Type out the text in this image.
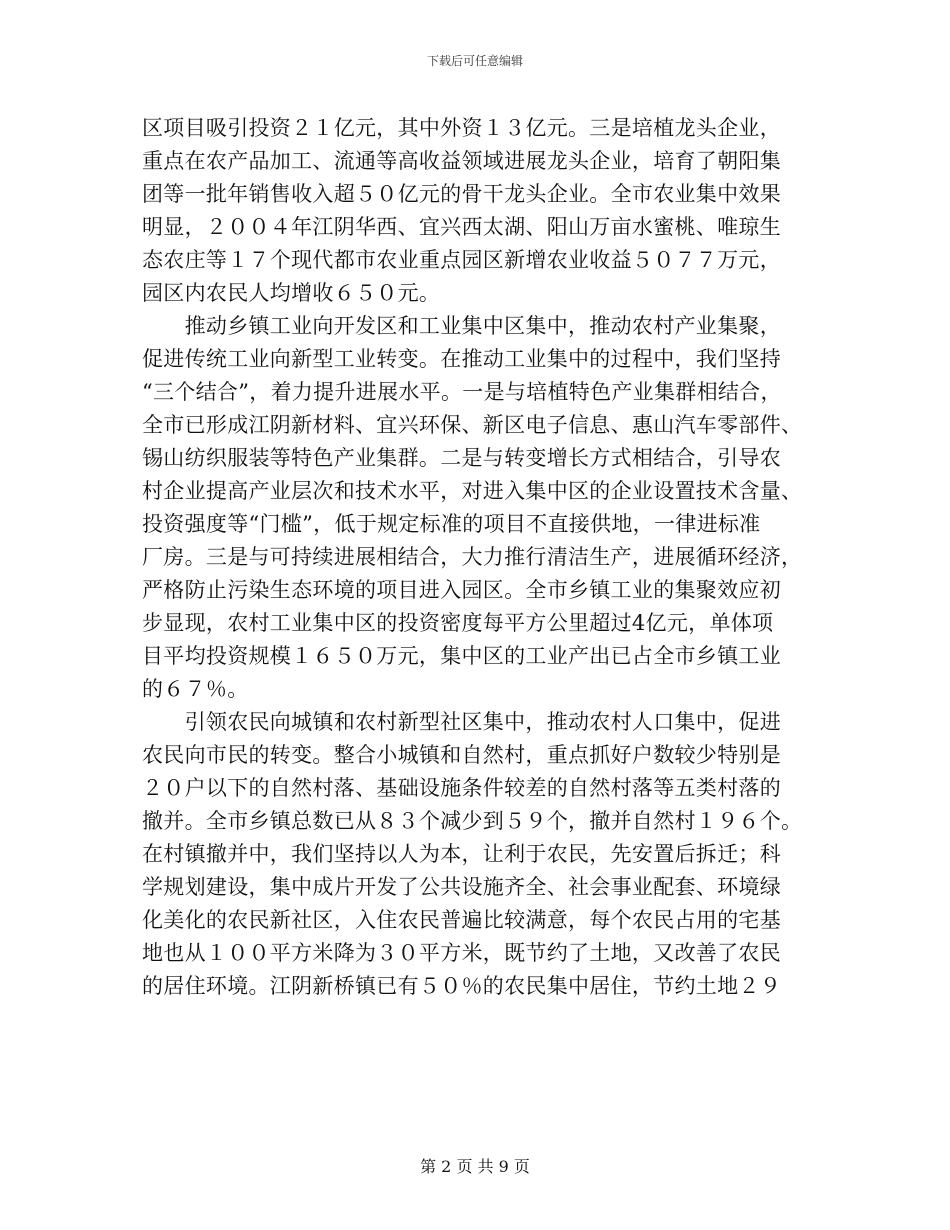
下载后可任意编辑
区项目吸引投资２１亿元，其中外资１３亿元。三是培植龙头企业，
重点在农产品加工、流通等高收益领域进展龙头企业，培育了朝阳集
团等一批年销售收入超５０亿元的骨干龙头企业。全市农业集中效果
明显，２００４年江阴华西、宜兴西太湖、阳山万亩水蜜桃、唯琼生
态农庄等１７个现代都市农业重点园区新增农业收益５０７７万元，
园区内农民人均增收６５０元。
　　推动乡镇工业向开发区和工业集中区集中，推动农村产业集聚，
促进传统工业向新型工业转变。在推动工业集中的过程中，我们坚持
“三个结合”，着力提升进展水平。一是与培植特色产业集群相结合，
全市已形成江阴新材料、宜兴环保、新区电子信息、惠山汽车零部件、
锡山纺织服装等特色产业集群。二是与转变增长方式相结合，引导农
村企业提高产业层次和技术水平，对进入集中区的企业设置技术含量、
投资强度等“门槛”，低于规定标准的项目不直接供地，一律进标准
厂房。三是与可持续进展相结合，大力推行清洁生产，进展循环经济，
严格防止污染生态环境的项目进入园区。全市乡镇工业的集聚效应初
步显现，农村工业集中区的投资密度每平方公里超过4亿元，单体项
目平均投资规模１６５０万元，集中区的工业产出已占全市乡镇工业
的６７％。
　　引领农民向城镇和农村新型社区集中，推动农村人口集中，促进
农民向市民的转变。整合小城镇和自然村，重点抓好户数较少特别是
２０户以下的自然村落、基础设施条件较差的自然村落等五类村落的
撤并。全市乡镇总数已从８３个减少到５９个，撤并自然村１９６个。
在村镇撤并中，我们坚持以人为本，让利于农民，先安置后拆迁；科
学规划建设，集中成片开发了公共设施齐全、社会事业配套、环境绿
化美化的农民新社区，入住农民普遍比较满意，每个农民占用的宅基
地也从１００平方米降为３０平方米，既节约了土地，又改善了农民
的居住环境。江阴新桥镇已有５０％的农民集中居住，节约土地２９
第 2 页 共 9 页
